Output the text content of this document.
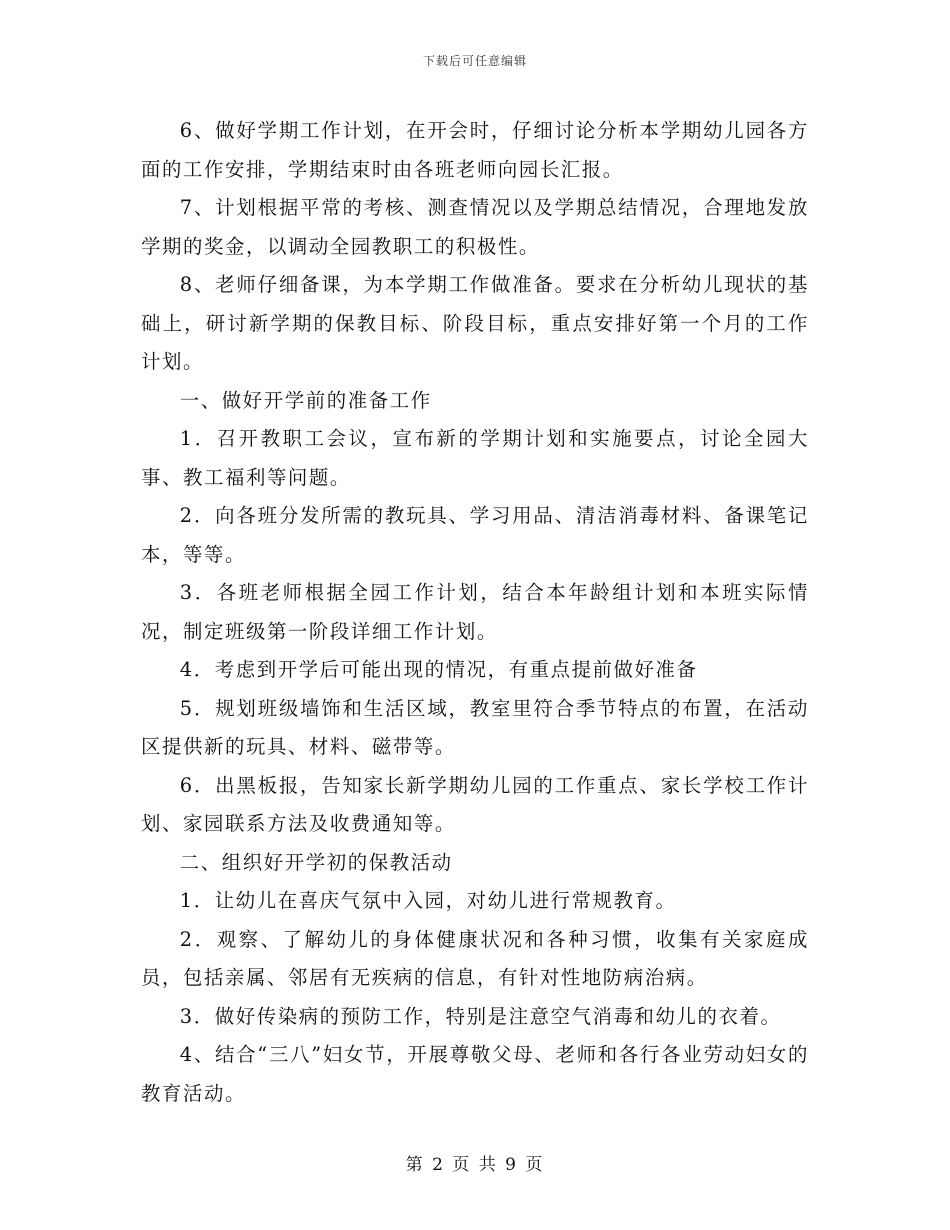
下载后可任意编辑

6、做好学期工作计划，在开会时，仔细讨论分析本学期幼儿园各方面的工作安排，学期结束时由各班老师向园长汇报。

7、计划根据平常的考核、测查情况以及学期总结情况，合理地发放学期的奖金，以调动全园教职工的积极性。

8、老师仔细备课，为本学期工作做准备。要求在分析幼儿现状的基础上，研讨新学期的保教目标、阶段目标，重点安排好第一个月的工作计划。

一、做好开学前的准备工作

1．召开教职工会议，宣布新的学期计划和实施要点，讨论全园大事、教工福利等问题。

2．向各班分发所需的教玩具、学习用品、清洁消毒材料、备课笔记本，等等。

3．各班老师根据全园工作计划，结合本年龄组计划和本班实际情况，制定班级第一阶段详细工作计划。

4．考虑到开学后可能出现的情况，有重点提前做好准备

5．规划班级墙饰和生活区域，教室里符合季节特点的布置，在活动区提供新的玩具、材料、磁带等。

6．出黑板报，告知家长新学期幼儿园的工作重点、家长学校工作计划、家园联系方法及收费通知等。

二、组织好开学初的保教活动

1．让幼儿在喜庆气氛中入园，对幼儿进行常规教育。

2．观察、了解幼儿的身体健康状况和各种习惯，收集有关家庭成员，包括亲属、邻居有无疾病的信息，有针对性地防病治病。

3．做好传染病的预防工作，特别是注意空气消毒和幼儿的衣着。

4、结合“三八”妇女节，开展尊敬父母、老师和各行各业劳动妇女的教育活动。

第 2 页 共 9 页
